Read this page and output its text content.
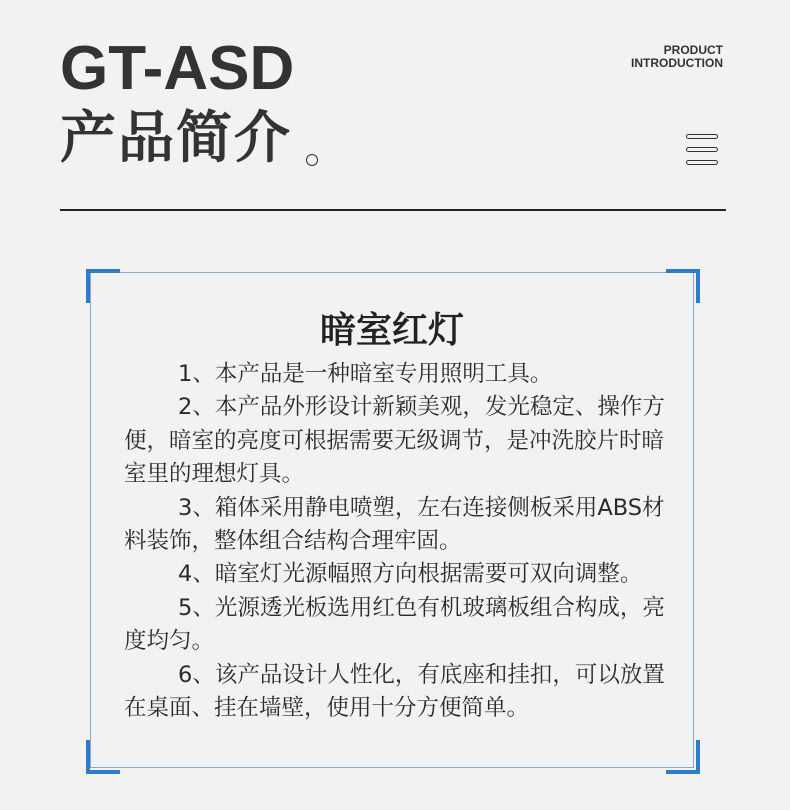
GT-ASD
产品简介
PRODUCT
INTRODUCTION
暗室红灯

1、本产品是一种暗室专用照明工具。

2、本产品外形设计新颖美观，发光稳定、操作方便，暗室的亮度可根据需要无级调节，是冲洗胶片时暗室里的理想灯具。

3、箱体采用静电喷塑，左右连接侧板采用ABS材料装饰，整体组合结构合理牢固。

4、暗室灯光源幅照方向根据需要可双向调整。

5、光源透光板选用红色有机玻璃板组合构成，亮度均匀。

6、该产品设计人性化，有底座和挂扣，可以放置在桌面、挂在墙壁，使用十分方便简单。
